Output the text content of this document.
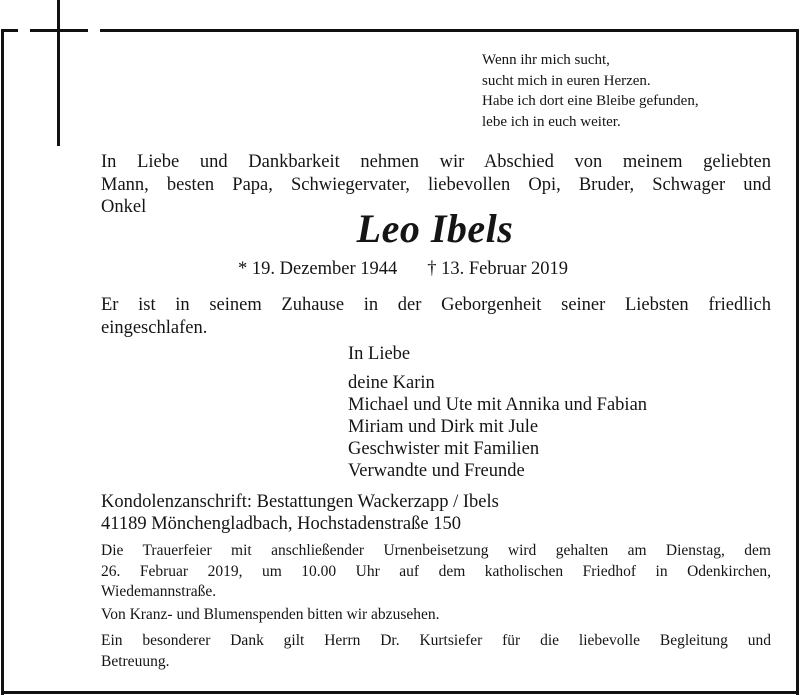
Wenn ihr mich sucht,
sucht mich in euren Herzen.
Habe ich dort eine Bleibe gefunden,
lebe ich in euch weiter.
In Liebe und Dankbarkeit nehmen wir Abschied von meinem geliebten
Mann, besten Papa, Schwiegervater, liebevollen Opi, Bruder, Schwager und
Onkel	Leo Ibels
* 19. Dezember 1944 † 13. Februar 2019
Er ist in seinem Zuhause in der Geborgenheit seiner Liebsten friedlich
eingeschlafen.
In Liebe
deine Karin
Michael und Ute mit Annika und Fabian
Miriam und Dirk mit Jule
Geschwister mit Familien
Verwandte und Freunde
Kondolenzanschrift: Bestattungen Wackerzapp / Ibels
41189 Mönchengladbach, Hochstadenstraße 150
Die Trauerfeier mit anschließender Urnenbeisetzung wird gehalten am Dienstag, dem
26. Februar 2019, um 10.00 Uhr auf dem katholischen Friedhof in Odenkirchen,
Wiedemannstraße.
Von Kranz- und Blumenspenden bitten wir abzusehen.
Ein besonderer Dank gilt Herrn Dr. Kurtsiefer für die liebevolle Begleitung und
Betreuung.
